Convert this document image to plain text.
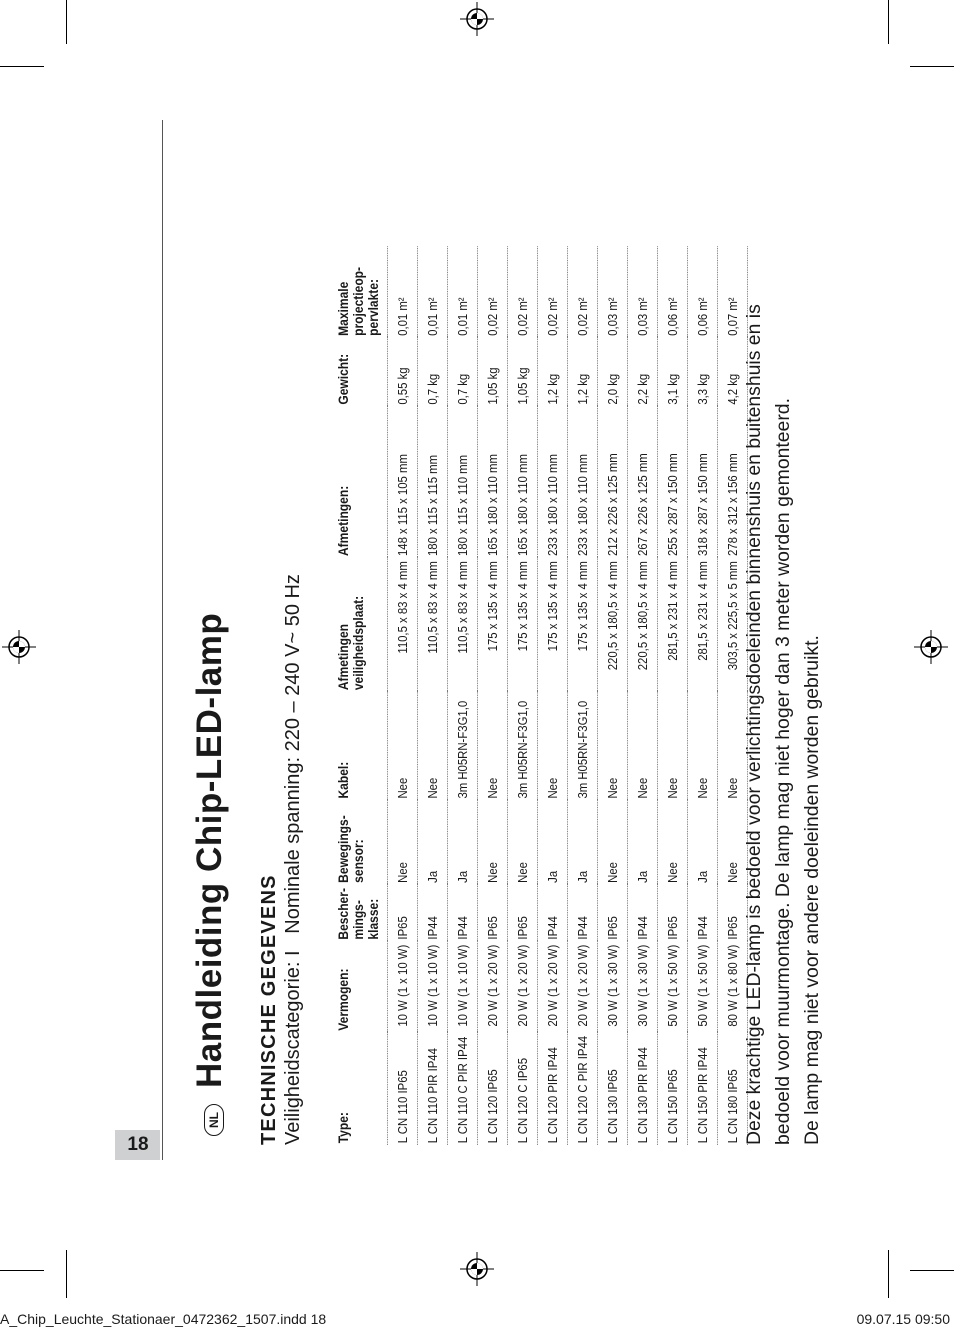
18
NL
Handleiding Chip-LED-lamp TECHNISCHE GEGEVENS Veiligheidscategorie: I   Nominale spanning: 220 – 240 V~ 50 Hz
Type:	Vermogen:	Bescher-
mings-
klasse:	Bewegings-
sensor:	Kabel:	Afmetingen
veiligheidsplaat:	Afmetingen:	Gewicht:	Maximale
projectieop-
pervlakte:
L CN 110 IP65	10 W (1 x 10 W)	IP65	Nee	Nee	110,5 x 83 x 4 mm	148 x 115 x 105 mm	0,55 kg	0,01 m²
L CN 110 PIR IP44	10 W (1 x 10 W)	IP44	Ja	Nee	110,5 x 83 x 4 mm	180 x 115 x 115 mm	0,7 kg	0,01 m²
L CN 110 C PIR IP44	10 W (1 x 10 W)	IP44	Ja	3m H05RN-F3G1,0	110,5 x 83 x 4 mm	180 x 115 x 110 mm	0,7 kg	0,01 m²
L CN 120 IP65	20 W (1 x 20 W)	IP65	Nee	Nee	175 x 135 x 4 mm	165 x 180 x 110 mm	1,05 kg	0,02 m²
L CN 120 C IP65	20 W (1 x 20 W)	IP65	Nee	3m H05RN-F3G1,0	175 x 135 x 4 mm	165 x 180 x 110 mm	1,05 kg	0,02 m²
L CN 120 PIR IP44	20 W (1 x 20 W)	IP44	Ja	Nee	175 x 135 x 4 mm	233 x 180 x 110 mm	1,2 kg	0,02 m²
L CN 120 C PIR IP44	20 W (1 x 20 W)	IP44	Ja	3m H05RN-F3G1,0	175 x 135 x 4 mm	233 x 180 x 110 mm	1,2 kg	0,02 m²
L CN 130 IP65	30 W (1 x 30 W)	IP65	Nee	Nee	220,5 x 180,5 x 4 mm	212 x 226 x 125 mm	2,0 kg	0,03 m²
L CN 130 PIR IP44	30 W (1 x 30 W)	IP44	Ja	Nee	220,5 x 180,5 x 4 mm	267 x 226 x 125 mm	2,2 kg	0,03 m²
L CN 150 IP65	50 W (1 x 50 W)	IP65	Nee	Nee	281,5 x 231 x 4 mm	255 x 287 x 150 mm	3,1 kg	0,06 m²
L CN 150 PIR IP44	50 W (1 x 50 W)	IP44	Ja	Nee	281,5 x 231 x 4 mm	318 x 287 x 150 mm	3,3 kg	0,06 m²
L CN 180 IP65	80 W (1 x 80 W)	IP65	Nee	Nee	303,5 x 225,5 x 5 mm	278 x 312 x 156 mm	4,2 kg	0,07 m² Deze krachtige LED-lamp is bedoeld voor verlichtingsdoeleinden binnenshuis en buitenshuis en is bedoeld voor muurmontage. De lamp mag niet hoger dan 3 meter worden gemonteerd. De lamp mag niet voor andere doeleinden worden gebruikt.

A_Chip_Leuchte_Stationaer_0472362_1507.indd 18	09.07.15 09:50
